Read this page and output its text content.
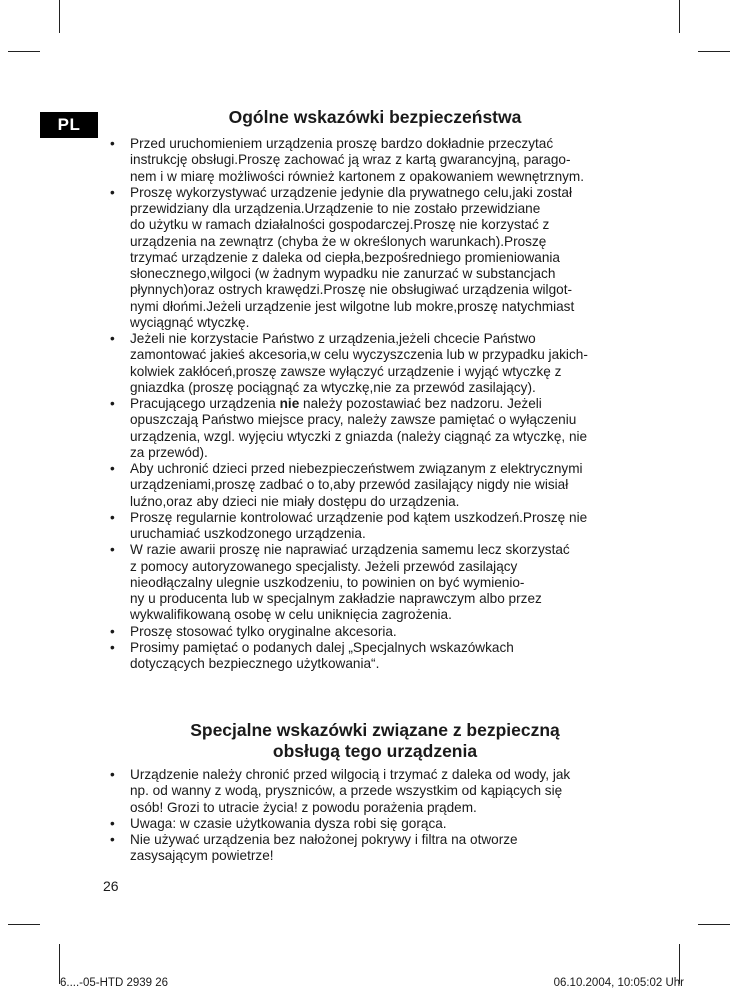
PL	Ogólne wskazówki bezpieczeństwa
•	Przed uruchomieniem urządzenia proszę bardzo dokładnie przeczytać
instrukcję obsługi.Proszę zachować ją wraz z kartą gwarancyjną, parago-
nem i w miarę możliwości również kartonem z opakowaniem wewnętrznym.
•	Proszę wykorzystywać urządzenie jedynie dla prywatnego celu,jaki został
przewidziany dla urządzenia.Urządzenie to nie zostało przewidziane
do użytku w ramach działalności gospodarczej.Proszę nie korzystać z
urządzenia na zewnątrz (chyba że w określonych warunkach).Proszę
trzymać urządzenie z daleka od ciepła,bezpośredniego promieniowania
słonecznego,wilgoci (w żadnym wypadku nie zanurzać w substancjach
płynnych)oraz ostrych krawędzi.Proszę nie obsługiwać urządzenia wilgot-
nymi dłońmi.Jeżeli urządzenie jest wilgotne lub mokre,proszę natychmiast
wyciągnąć wtyczkę.
•	Jeżeli nie korzystacie Państwo z urządzenia,jeżeli chcecie Państwo
zamontować jakieś akcesoria,w celu wyczyszczenia lub w przypadku jakich-
kolwiek zakłóceń,proszę zawsze wyłączyć urządzenie i wyjąć wtyczkę z
gniazdka (proszę pociągnąć za wtyczkę,nie za przewód zasilający).
•	Pracującego urządzenia nie należy pozostawiać bez nadzoru. Jeżeli
opuszczają Państwo miejsce pracy, należy zawsze pamiętać o wyłączeniu
urządzenia, wzgl. wyjęciu wtyczki z gniazda (należy ciągnąć za wtyczkę, nie
za przewód).
•	Aby uchronić dzieci przed niebezpieczeństwem związanym z elektrycznymi
urządzeniami,proszę zadbać o to,aby przewód zasilający nigdy nie wisiał
luźno,oraz aby dzieci nie miały dostępu do urządzenia.
•	Proszę regularnie kontrolować urządzenie pod kątem uszkodzeń.Proszę nie
uruchamiać uszkodzonego urządzenia.
•	W razie awarii proszę nie naprawiać urządzenia samemu lecz skorzystać
z pomocy autoryzowanego specjalisty. Jeżeli przewód zasilający
nieodłączalny ulegnie uszkodzeniu, to powinien on być wymienio-
ny u producenta lub w specjalnym zakładzie naprawczym albo przez
wykwalifikowaną osobę w celu uniknięcia zagrożenia.
•	Proszę stosować tylko oryginalne akcesoria.
•	Prosimy pamiętać o podanych dalej „Specjalnych wskazówkach
dotyczących bezpiecznego użytkowania“.
Specjalne wskazówki związane z bezpieczną
obsługą tego urządzenia
•	Urządzenie należy chronić przed wilgocią i trzymać z daleka od wody, jak
np. od wanny z wodą, pryszniców, a przede wszystkim od kąpiących się
osób! Grozi to utracie życia! z powodu porażenia prądem.
•	Uwaga: w czasie użytkowania dysza robi się gorąca.
•	Nie używać urządzenia bez nałożonej pokrywy i filtra na otworze
zasysającym powietrze!
26
6....-05-HTD 2939 26	06.10.2004, 10:05:02 Uhr
